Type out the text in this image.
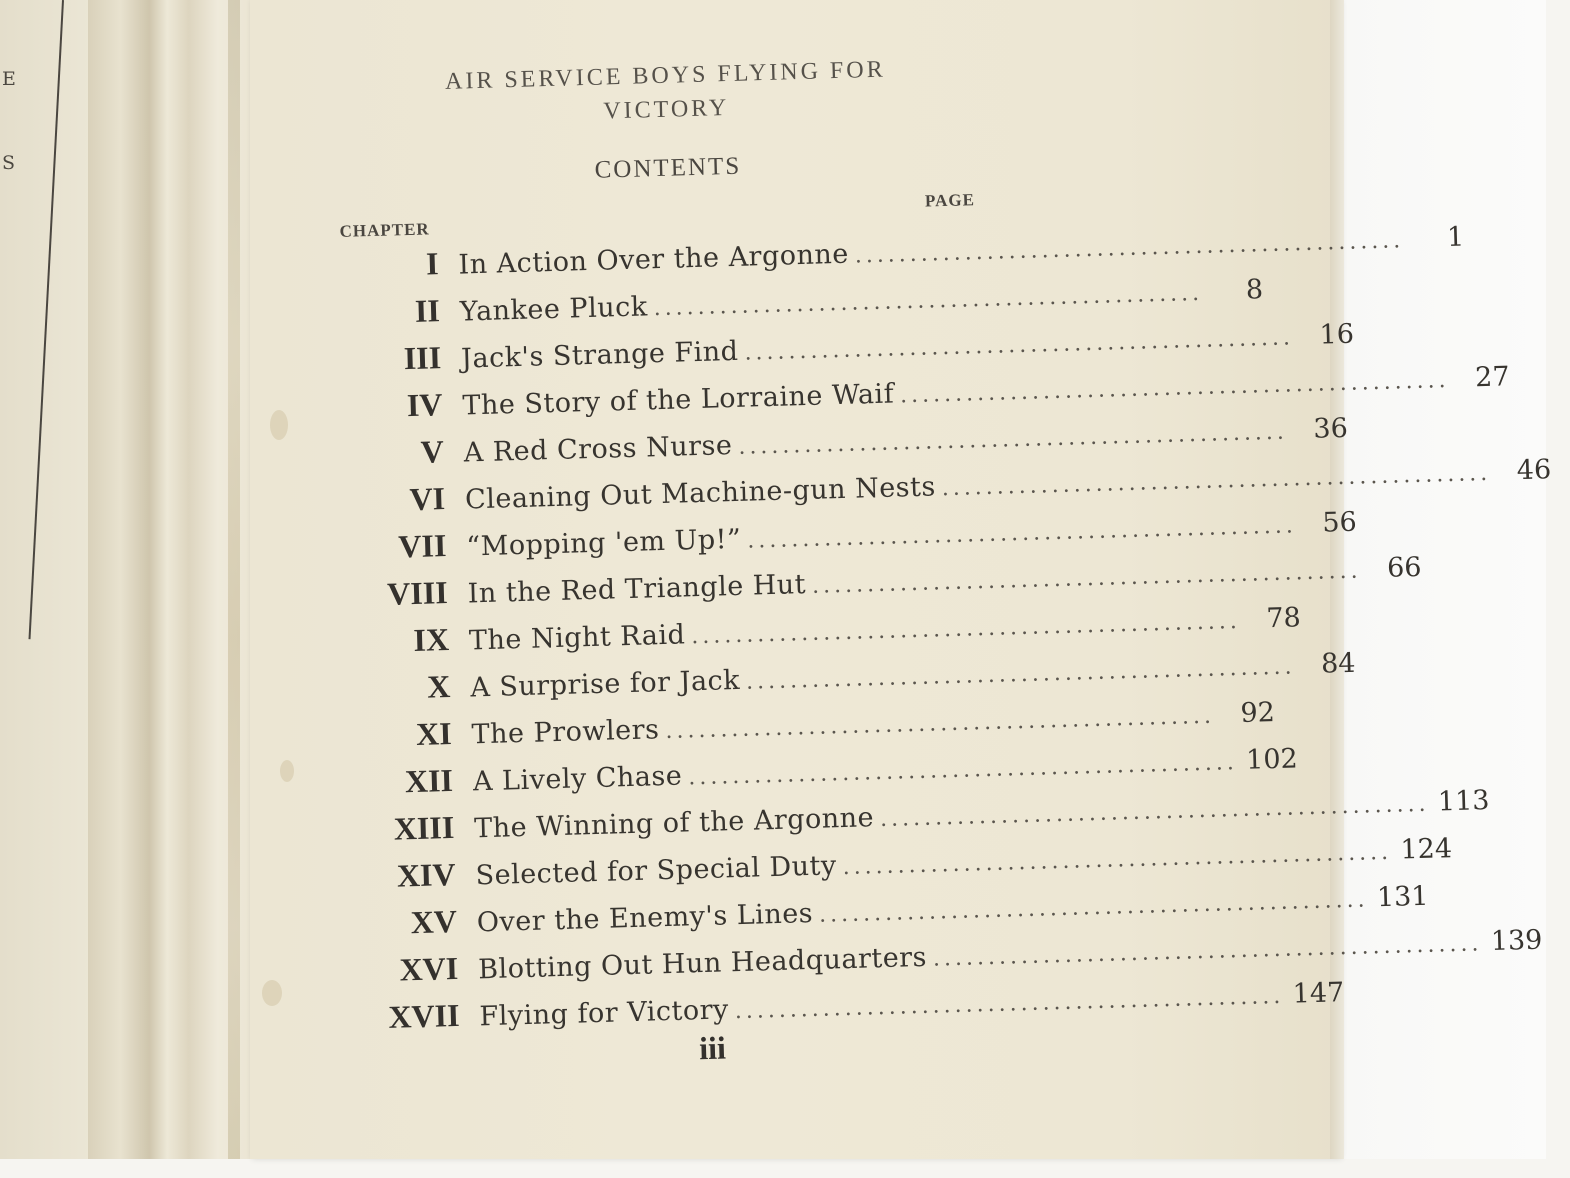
E
S
AIR SERVICE BOYS FLYING FOR
VICTORY
CONTENTS
CHAPTER
PAGE
I In Action Over the Argonne ..................................................	1
II Yankee Pluck ..................................................	8
III Jack's Strange Find .................................................. 16
IV The Story of the Lorraine Waif .................................................. 27
V A Red Cross Nurse .................................................. 36
VI Cleaning Out Machine-gun Nests .................................................. 46
VII “Mopping 'em Up!” .................................................. 56
VIII In the Red Triangle Hut .................................................. 66
IX The Night Raid .................................................. 78
X A Surprise for Jack .................................................. 84
XI The Prowlers .................................................. 92
XII A Lively Chase .................................................. 102
XIII The Winning of the Argonne .................................................. 113
XIV Selected for Special Duty .................................................. 124
XV Over the Enemy's Lines .................................................. 131
XVI Blotting Out Hun Headquarters .................................................. 139
XVII Flying for Victory .................................................. 147
iii
